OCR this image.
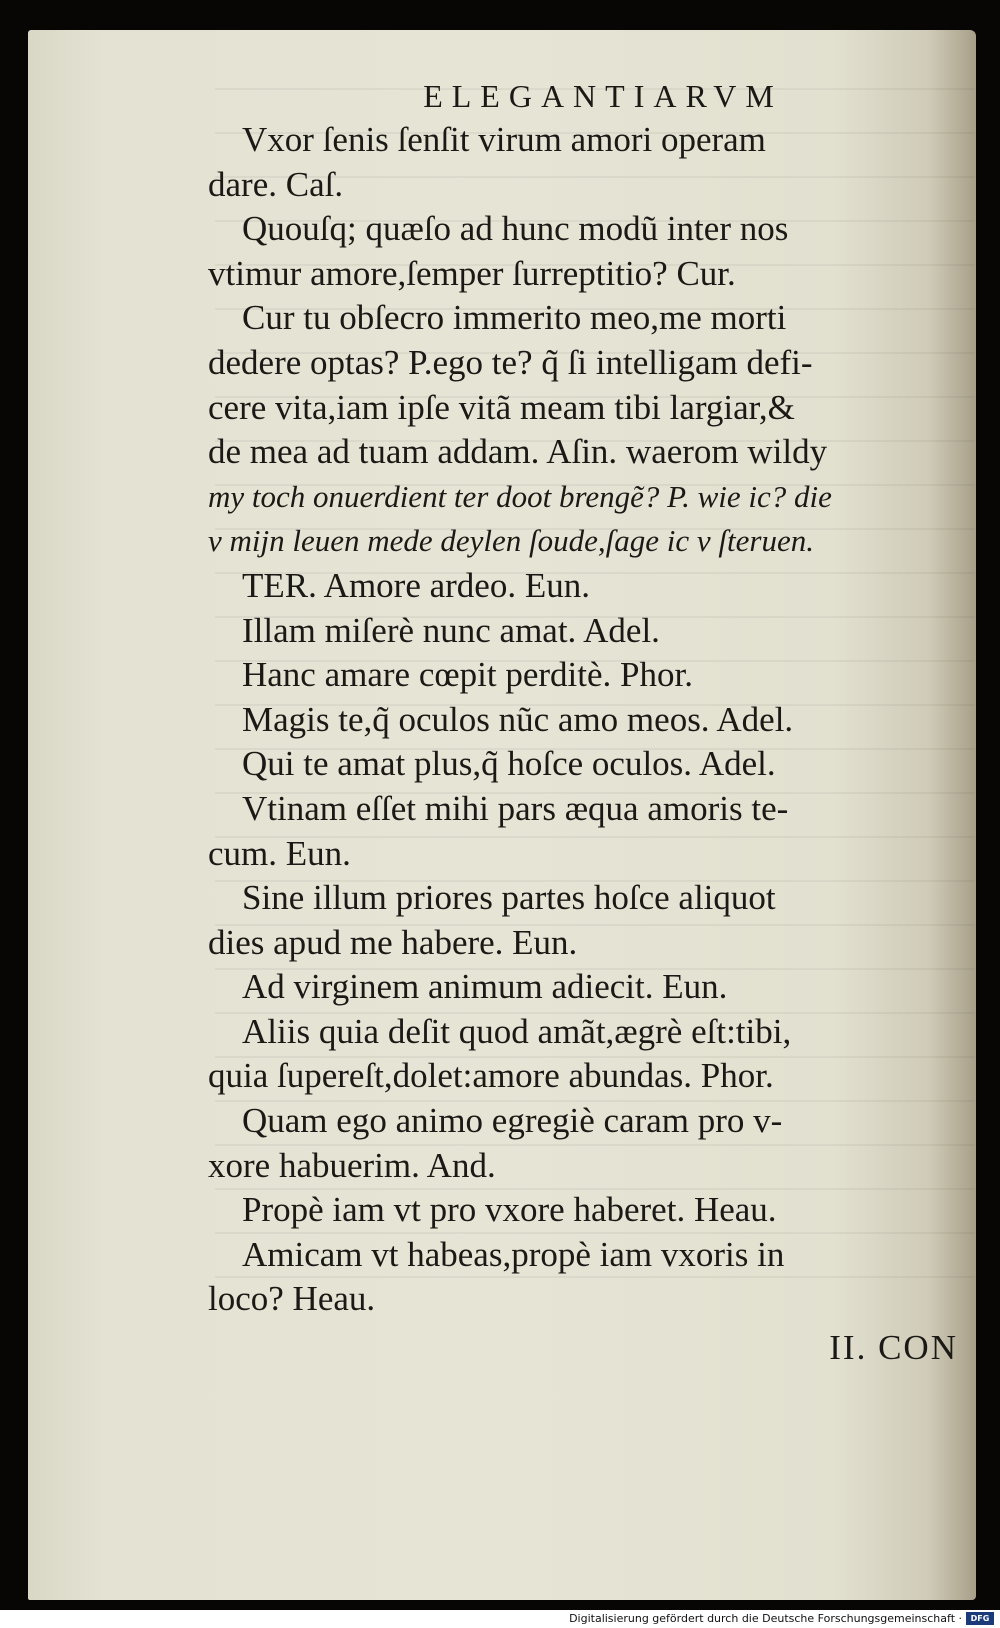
ELEGANTIARVM
Vxor ſenis ſenſit virum amori operam
dare. Caſ.
Quouſq; quæſo ad hunc modũ inter nos
vtimur amore,ſemper ſurreptitio? Cur.
Cur tu obſecro immerito meo,me morti
dedere optas? P.ego te? q̃ ſi intelligam defi-
cere vita,iam ipſe vitã meam tibi largiar,&
de mea ad tuam addam. Aſin. waerom wildy
my toch onuerdient ter doot brengẽ? P. wie ic? die
v mijn leuen mede deylen ſoude,ſage ic v ſteruen.
TER. Amore ardeo. Eun.
Illam miſerè nunc amat. Adel.
Hanc amare cœpit perditè. Phor.
Magis te,q̃ oculos nũc amo meos. Adel.
Qui te amat plus,q̃ hoſce oculos. Adel.
Vtinam eſſet mihi pars æqua amoris te-
cum. Eun.
Sine illum priores partes hoſce aliquot
dies apud me habere. Eun.
Ad virginem animum adiecit. Eun.
Aliis quia deſit quod amãt,ægrè eſt:tibi,
quia ſupereſt,dolet:amore abundas. Phor.
Quam ego animo egregiè caram pro v-
xore habuerim. And.
Propè iam vt pro vxore haberet. Heau.
Amicam vt habeas,propè iam vxoris in
loco? Heau.
II. CON
Digitalisierung gefördert durch die Deutsche Forschungsgemeinschaft ·	DFG
